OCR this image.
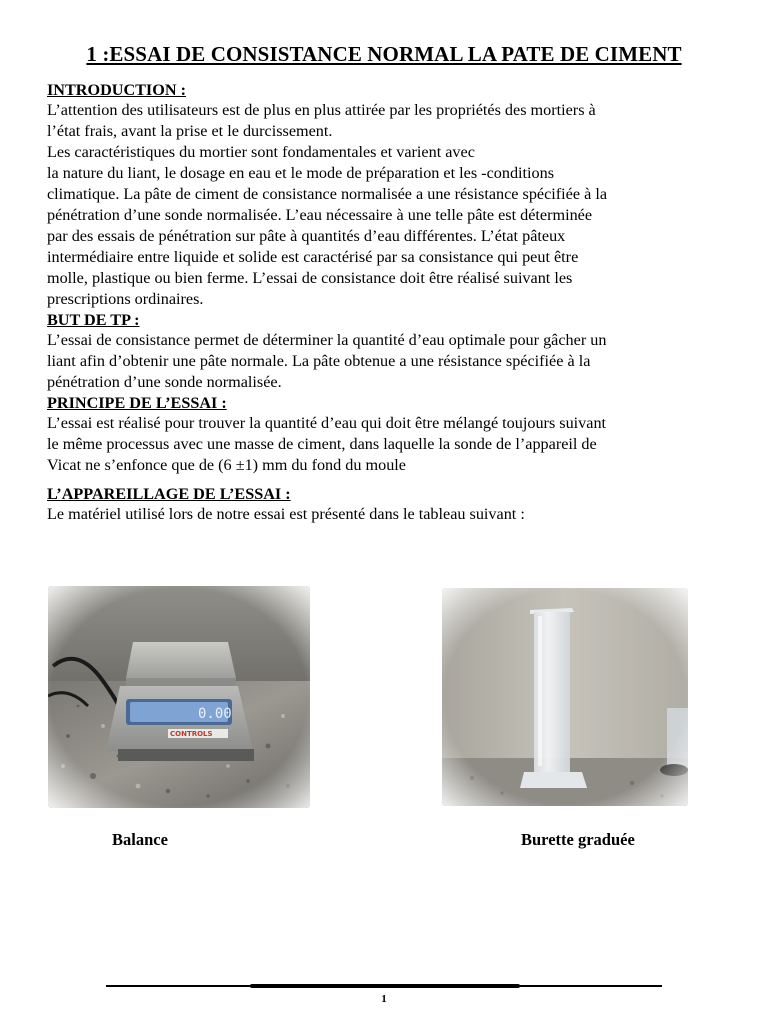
1 :ESSAI DE CONSISTANCE NORMAL LA PATE DE CIMENT
INTRODUCTION :
L’attention des utilisateurs est de plus en plus attirée par les propriétés des mortiers à
l’état frais, avant la prise et le durcissement.
Les caractéristiques du mortier sont fondamentales et varient avec
la nature du liant, le dosage en eau et le mode de préparation et les -conditions
climatique. La pâte de ciment de consistance normalisée a une résistance spécifiée à la
pénétration d’une sonde normalisée. L’eau nécessaire à une telle pâte est déterminée
par des essais de pénétration sur pâte à quantités d’eau différentes. L’état pâteux
intermédiaire entre liquide et solide est caractérisé par sa consistance qui peut être
molle, plastique ou bien ferme. L’essai de consistance doit être réalisé suivant les
prescriptions ordinaires.
BUT DE TP :
L’essai de consistance permet de déterminer la quantité d’eau optimale pour gâcher un
liant afin d’obtenir une pâte normale. La pâte obtenue a une résistance spécifiée à la
pénétration d’une sonde normalisée.
PRINCIPE DE L’ESSAI :
L’essai est réalisé pour trouver la quantité d’eau qui doit être mélangé toujours suivant
le même processus avec une masse de ciment, dans laquelle la sonde de l’appareil de
Vicat ne s’enfonce que de (6 ±1) mm du fond du moule
L’APPAREILLAGE DE L’ESSAI :
Le matériel utilisé lors de notre essai est présenté dans le tableau suivant :
Balance	Burette graduée
1
